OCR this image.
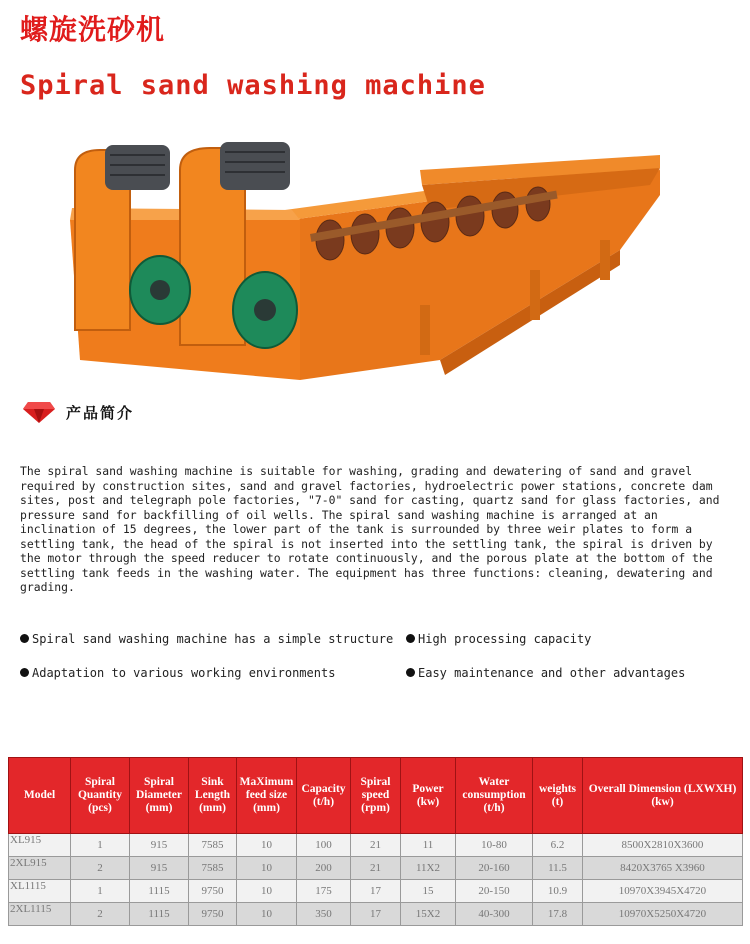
螺旋洗砂机
Spiral sand washing machine
产品简介

The spiral sand washing machine is suitable for washing, grading and dewatering of sand and gravel required by construction sites, sand and gravel factories, hydroelectric power stations, concrete dam sites, post and telegraph pole factories, "7-0" sand for casting, quartz sand for glass factories, and pressure sand for backfilling of oil wells. The spiral sand washing machine is arranged at an inclination of 15 degrees, the lower part of the tank is surrounded by three weir plates to form a settling tank, the head of the spiral is not inserted into the settling tank, the spiral is driven by the motor through the speed reducer to rotate continuously, and the porous plate at the bottom of the settling tank feeds in the washing water. The equipment has three functions: cleaning, dewatering and grading.

Spiral sand washing machine has a simple structure	High processing capacity
Adaptation to various working environments	Easy maintenance and other advantages
Model	Spiral Quantity (pcs)	Spiral Diameter (mm)	Sink Length (mm)	MaXimum feed size (mm)	Capacity (t/h)	Spiral speed (rpm)	Power (kw)	Water consumption (t/h)	weights (t)	Overall Dimension (LXWXH) (kw)
XL915	1	915	7585	10	100	21	11	10-80	6.2	8500X2810X3600
2XL915	2	915	7585	10	200	21	11X2	20-160	11.5	8420X3765 X3960
XL1115	1	1115	9750	10	175	17	15	20-150	10.9	10970X3945X4720
2XL1115	2	1115	9750	10	350	17	15X2	40-300	17.8	10970X5250X4720
